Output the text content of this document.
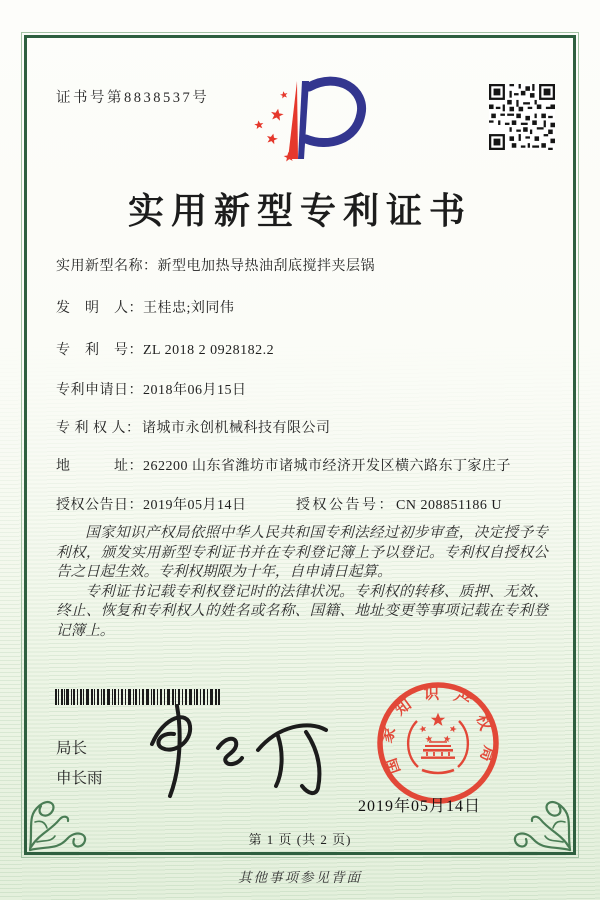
证书号第8838537号
实用新型专利证书
实用新型名称： 新型电加热导热油刮底搅拌夹层锅
发　明　人： 王桂忠;刘同伟
专　利　号： ZL 2018 2 0928182.2
专利申请日： 2018年06月15日
专 利 权 人： 诸城市永创机械科技有限公司
地　　　址： 262200 山东省潍坊市诸城市经济开发区横六路东丁家庄子
授权公告日： 2019年05月14日	授权公告号： CN 208851186 U

国家知识产权局依照中华人民共和国专利法经过初步审查，决定授予专利权，颁发实用新型专利证书并在专利登记簿上予以登记。专利权自授权公告之日起生效。专利权期限为十年，自申请日起算。

专利证书记载专利权登记时的法律状况。专利权的转移、质押、无效、终止、恢复和专利权人的姓名或名称、国籍、地址变更等事项记载在专利登记簿上。

局长
申长雨
国家知识产权局
2019年05月14日
第 1 页 (共 2 页)
其他事项参见背面
